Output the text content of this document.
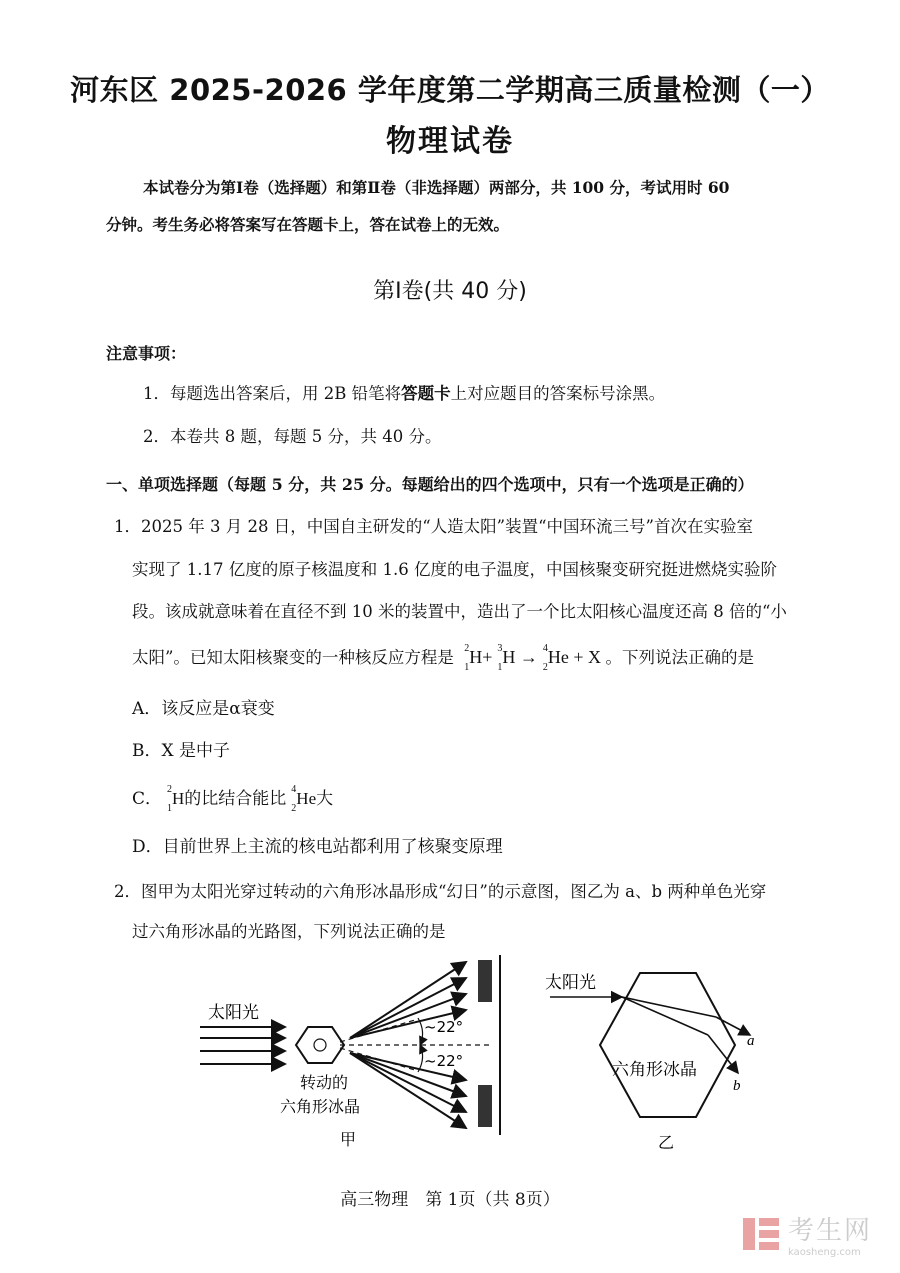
河东区 2025-2026 学年度第二学期高三质量检测（一）
物理试卷
本试卷分为第Ⅰ卷（选择题）和第Ⅱ卷（非选择题）两部分，共 100 分，考试用时 60
分钟。考生务必将答案写在答题卡上，答在试卷上的无效。
第Ⅰ卷(共 40 分)
注意事项：
1．每题选出答案后，用 2B 铅笔将答题卡上对应题目的答案标号涂黑。
2．本卷共 8 题，每题 5 分，共 40 分。
一、单项选择题（每题 5 分，共 25 分。每题给出的四个选项中，只有一个选项是正确的）
1．2025 年 3 月 28 日，中国自主研发的“人造太阳”装置“中国环流三号”首次在实验室
实现了 1.17 亿度的原子核温度和 1.6 亿度的电子温度，中国核聚变研究挺进燃烧实验阶
段。该成就意味着在直径不到 10 米的装置中，造出了一个比太阳核心温度还高 8 倍的“小
太阳”。已知太阳核聚变的一种核反应方程是 2
1
H+ 3
1
H → 4
2
He + X 。下列说法正确的是
A．该反应是α衰变
B．X 是中子
C． 2
1
H的比结合能比 4
2
He大
D．目前世界上主流的核电站都利用了核聚变原理
2．图甲为太阳光穿过转动的六角形冰晶形成“幻日”的示意图，图乙为 a、b 两种单色光穿
过六角形冰晶的光路图，下列说法正确的是
太阳光
~22°
~22°
转动的
六角形冰晶
甲
太阳光
a
b
六角形冰晶
乙
高三物理　第 1页（共 8页）

考生网
kaosheng.com
